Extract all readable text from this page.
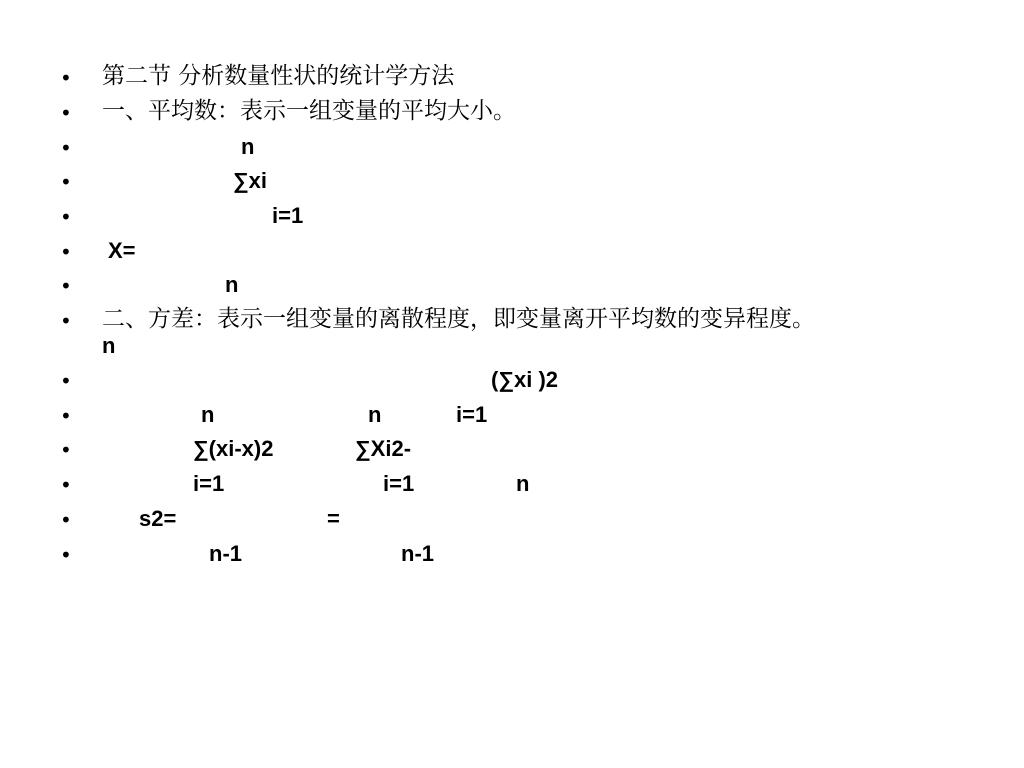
•
•
•
•
•
•
•
•
•
•
•
•
•
•
第二节 分析数量性状的统计学方法
一、平均数：表示一组变量的平均大小。
n
∑xi
i=1
X=
n
二、方差：表示一组变量的离散程度，即变量离开平均数的变异程度。
n
(∑xi )2
n	n	i=1
∑(xi-x)2	∑Xi2-
i=1	i=1	n
s2=	=
n-1	n-1
